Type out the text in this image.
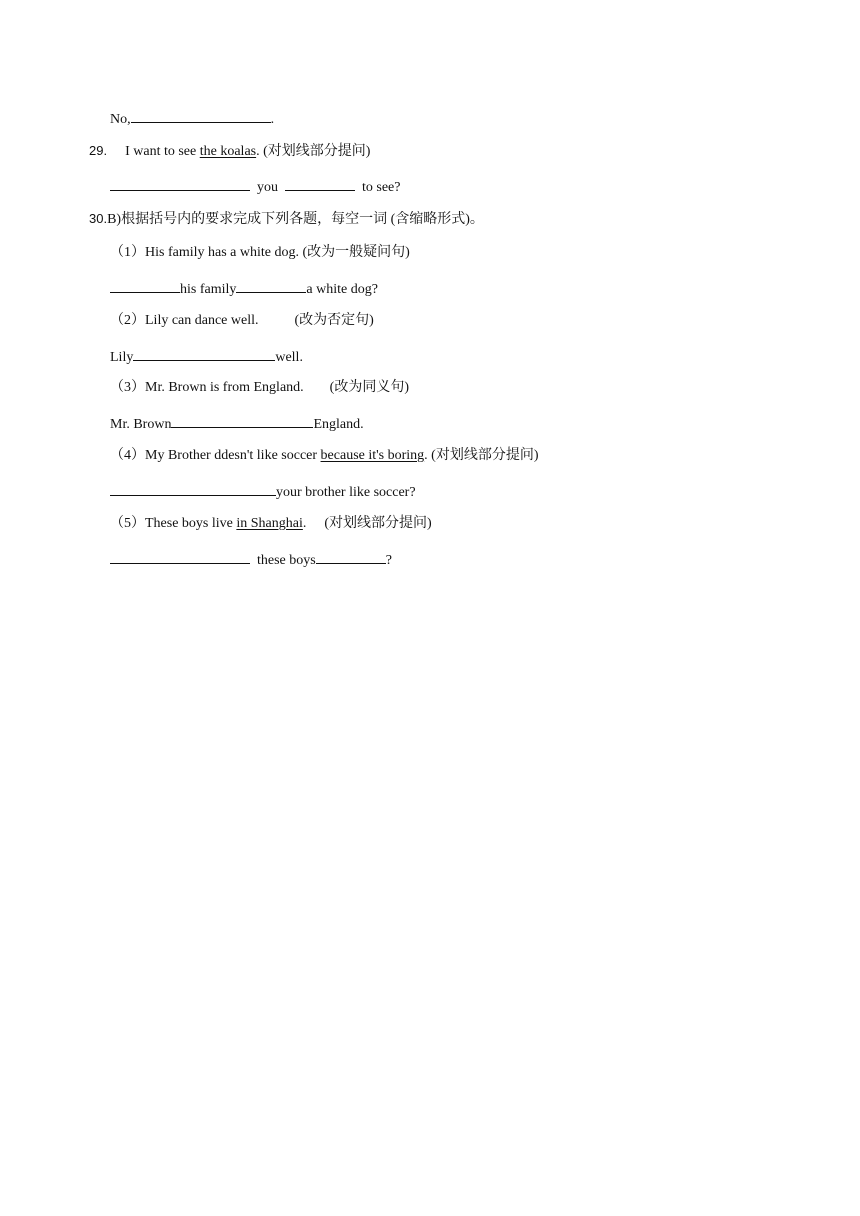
No,	.

29. I want to see the koalas. (对划线部分提问)

you	to see?

30.B)根据括号内的要求完成下列各题，每空一词 (含缩略形式)。

（1）His family has a white dog. (改为一般疑问句)

his family	a white dog?

（2）Lily can dance well.	(改为否定句)

Lily	well.

（3）Mr. Brown is from England. (改为同义句)

Mr. Brown	England.

（4）My Brother ddesn't like soccer because it's boring. (对划线部分提问)

your brother like soccer?

（5）These boys live in Shanghai. (对划线部分提问)

these boys	?
